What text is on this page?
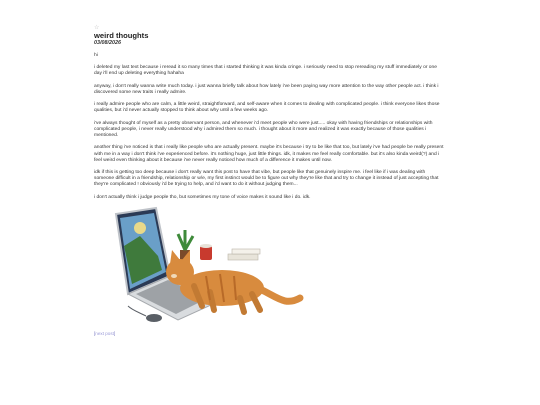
☆
weird thoughts
03/08/2026

hi

i deleted my last text because i reread it so many times that i started thinking it was kinda cringe. i seriously need to stop rereading my stuff immediately or one day i'll end up deleting everything hahaha

anyway, i don't really wanna write much today. i just wanna briefly talk about how lately i've been paying way more attention to the way other people act. i think i discovered some new traits i really admire.

i really admire people who are calm, a little weird, straightforward, and self-aware when it comes to dealing with complicated people. i think everyone likes those qualities, but i'd never actually stopped to think about why until a few weeks ago.

i've always thought of myself as a pretty observant person, and whenever i'd meet people who were just..... okay with having friendships or relationships with complicated people, i never really understood why i admired them so much. i thought about it more and realized it was exactly because of those qualities i mentioned.

another thing i've noticed is that i really like people who are actually present. maybe it's because i try to be like that too, but lately i've had people be really present with me in a way i don't think i've experienced before. it's nothing huge, just little things. idk, it makes me feel really comfortable. but it's also kinda weird(?) and i feel weird even thinking about it because i've never really noticed how much of a difference it makes until now.

idk if this is getting too deep because i don't really want this post to have that vibe, but people like that genuinely inspire me. i feel like if i was dealing with someone difficult in a friendship, relationship or w/e, my first instinct would be to figure out why they're like that and try to change it instead of just accepting that they're complicated ! obviously i'd be trying to help, and i'd want to do it without judging them...

i don't actually think i judge people tho, but sometimes my tone of voice makes it sound like i do. idk.

[next post]
